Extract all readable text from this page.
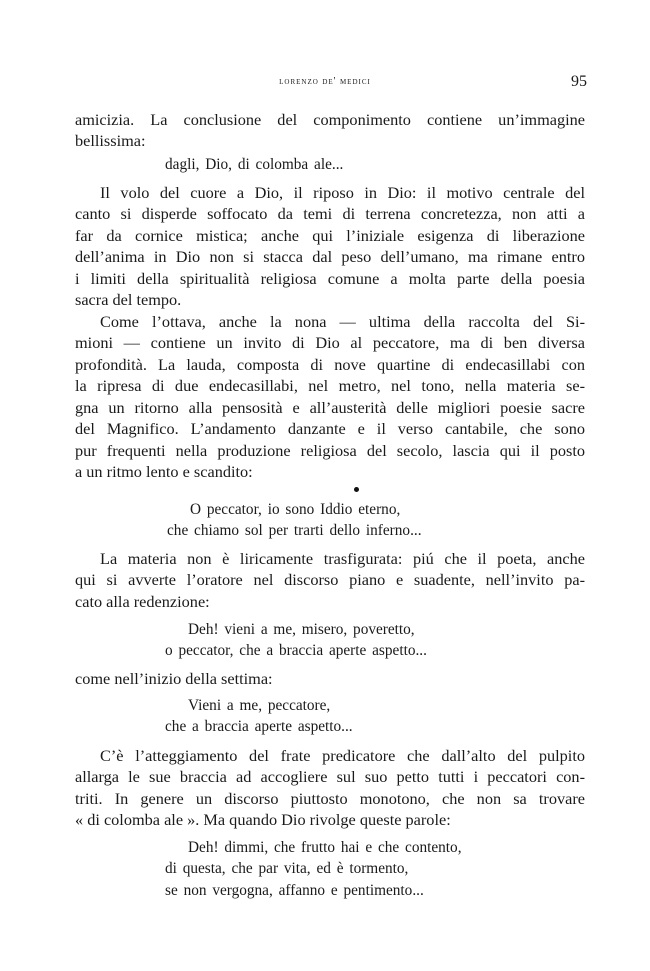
lorenzo de' medici	95
amicizia. La conclusione del componimento contiene un’immagine
bellissima:
dagli, Dio, di colomba ale...
Il volo del cuore a Dio, il riposo in Dio: il motivo centrale del
canto si disperde soffocato da temi di terrena concretezza, non atti a
far da cornice mistica; anche qui l’iniziale esigenza di liberazione
dell’anima in Dio non si stacca dal peso dell’umano, ma rimane entro
i limiti della spiritualità religiosa comune a molta parte della poesia
sacra del tempo.
Come l’ottava, anche la nona — ultima della raccolta del Si-
mioni — contiene un invito di Dio al peccatore, ma di ben diversa
profondità. La lauda, composta di nove quartine di endecasillabi con
la ripresa di due endecasillabi, nel metro, nel tono, nella materia se-
gna un ritorno alla pensosità e all’austerità delle migliori poesie sacre
del Magnifico. L’andamento danzante e il verso cantabile, che sono
pur frequenti nella produzione religiosa del secolo, lascia qui il posto
a un ritmo lento e scandito:
O peccator, io sono Iddio eterno,
che chiamo sol per trarti dello inferno...
La materia non è liricamente trasfigurata: piú che il poeta, anche
qui si avverte l’oratore nel discorso piano e suadente, nell’invito pa-
cato alla redenzione:
Deh! vieni a me, misero, poveretto,
o peccator, che a braccia aperte aspetto...
come nell’inizio della settima:
Vieni a me, peccatore,
che a braccia aperte aspetto...
C’è l’atteggiamento del frate predicatore che dall’alto del pulpito
allarga le sue braccia ad accogliere sul suo petto tutti i peccatori con-
triti. In genere un discorso piuttosto monotono, che non sa trovare
« di colomba ale ». Ma quando Dio rivolge queste parole:
Deh! dimmi, che frutto hai e che contento,
di questa, che par vita, ed è tormento,
se non vergogna, affanno e pentimento...
